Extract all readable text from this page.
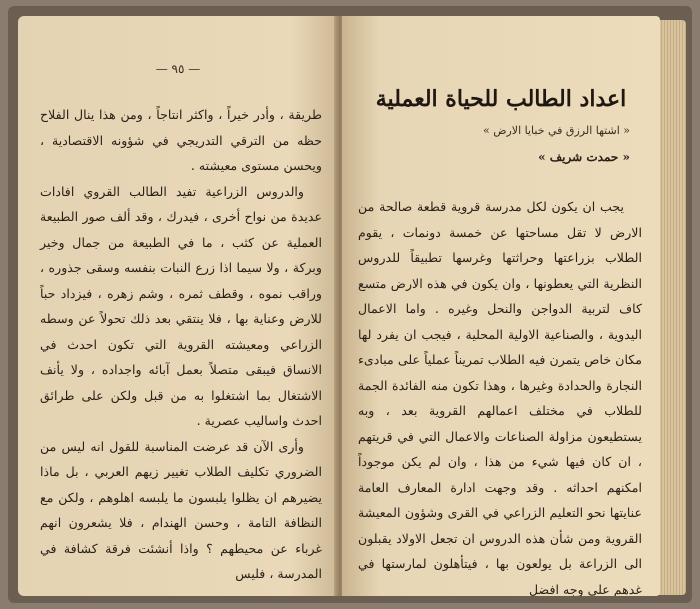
— ٩٥ —

طريقة ، وأدر خيراً ، واكثر انتاجاً ، ومن هذا ينال الفلاح حظه من الترقي التدريجي في شؤونه الاقتصادية ، ويحسن مستوى معيشته .

والدروس الزراعية تفيد الطالب القروي افادات عديدة من نواح أخرى ، فيدرك ، وقد ألف صور الطبيعة العملية عن كثب ، ما في الطبيعة من جمال وخير وبركة ، ولا سيما اذا زرع النبات بنفسه وسقى جذوره ، وراقب نموه ، وقطف ثمره ، وشم زهره ، فيزداد حباً للارض وعناية بها ، فلا ينتقي بعد ذلك تحولاً عن وسطه الزراعي ومعيشته القروية التي تكون احدث في الانساق فيبقى متصلاً بعمل آبائه واجداده ، ولا يأنف الاشتغال بما اشتغلوا به من قبل ولكن على طرائق احدث واساليب عصرية .

وأرى الآن قد عرضت المناسبة للقول انه ليس من الضروري تكليف الطلاب تغيير زيهم العربي ، بل ماذا يضيرهم ان يظلوا يلبسون ما يلبسه اهلوهم ، ولكن مع النظافة التامة ، وحسن الهندام ، فلا يشعرون انهم غرباء عن محيطهم ؟ واذا أنشئت فرقة كشافة في المدرسة ، فليس

اعداد الطالب للحياة العملية
« اشتها الرزق في خبايا الارض »
« حمدت شريف »

يجب ان يكون لكل مدرسة قروية قطعة صالحة من الارض لا تقل مساحتها عن خمسة دونمات ، يقوم الطلاب بزراعتها وحراثتها وغرسها تطبيقاً للدروس النظرية التي يعطونها ، وان يكون في هذه الارض متسع كاف لتربية الدواجن والنحل وغيره . واما الاعمال اليدوية ، والصناعية الاولية المحلية ، فيجب ان يفرد لها مكان خاص يتمرن فيه الطلاب تمريناً عملياً على مبادىء النجارة والحدادة وغيرها ، وهذا تكون منه الفائدة الجمة للطلاب في مختلف اعمالهم القروية بعد ، وبه يستطيعون مزاولة الصناعات والاعمال التي في قريتهم ، ان كان فيها شيء من هذا ، وان لم يكن موجوداً امكنهم احداثه . وقد وجهت ادارة المعارف العامة عنايتها نحو التعليم الزراعي في القرى وشؤون المعيشة القروية ومن شأن هذه الدروس ان تجعل الاولاد يقبلون الى الزراعة بل يولعون بها ، فيتأهلون لمارستها في غدهم على وجه افضل
